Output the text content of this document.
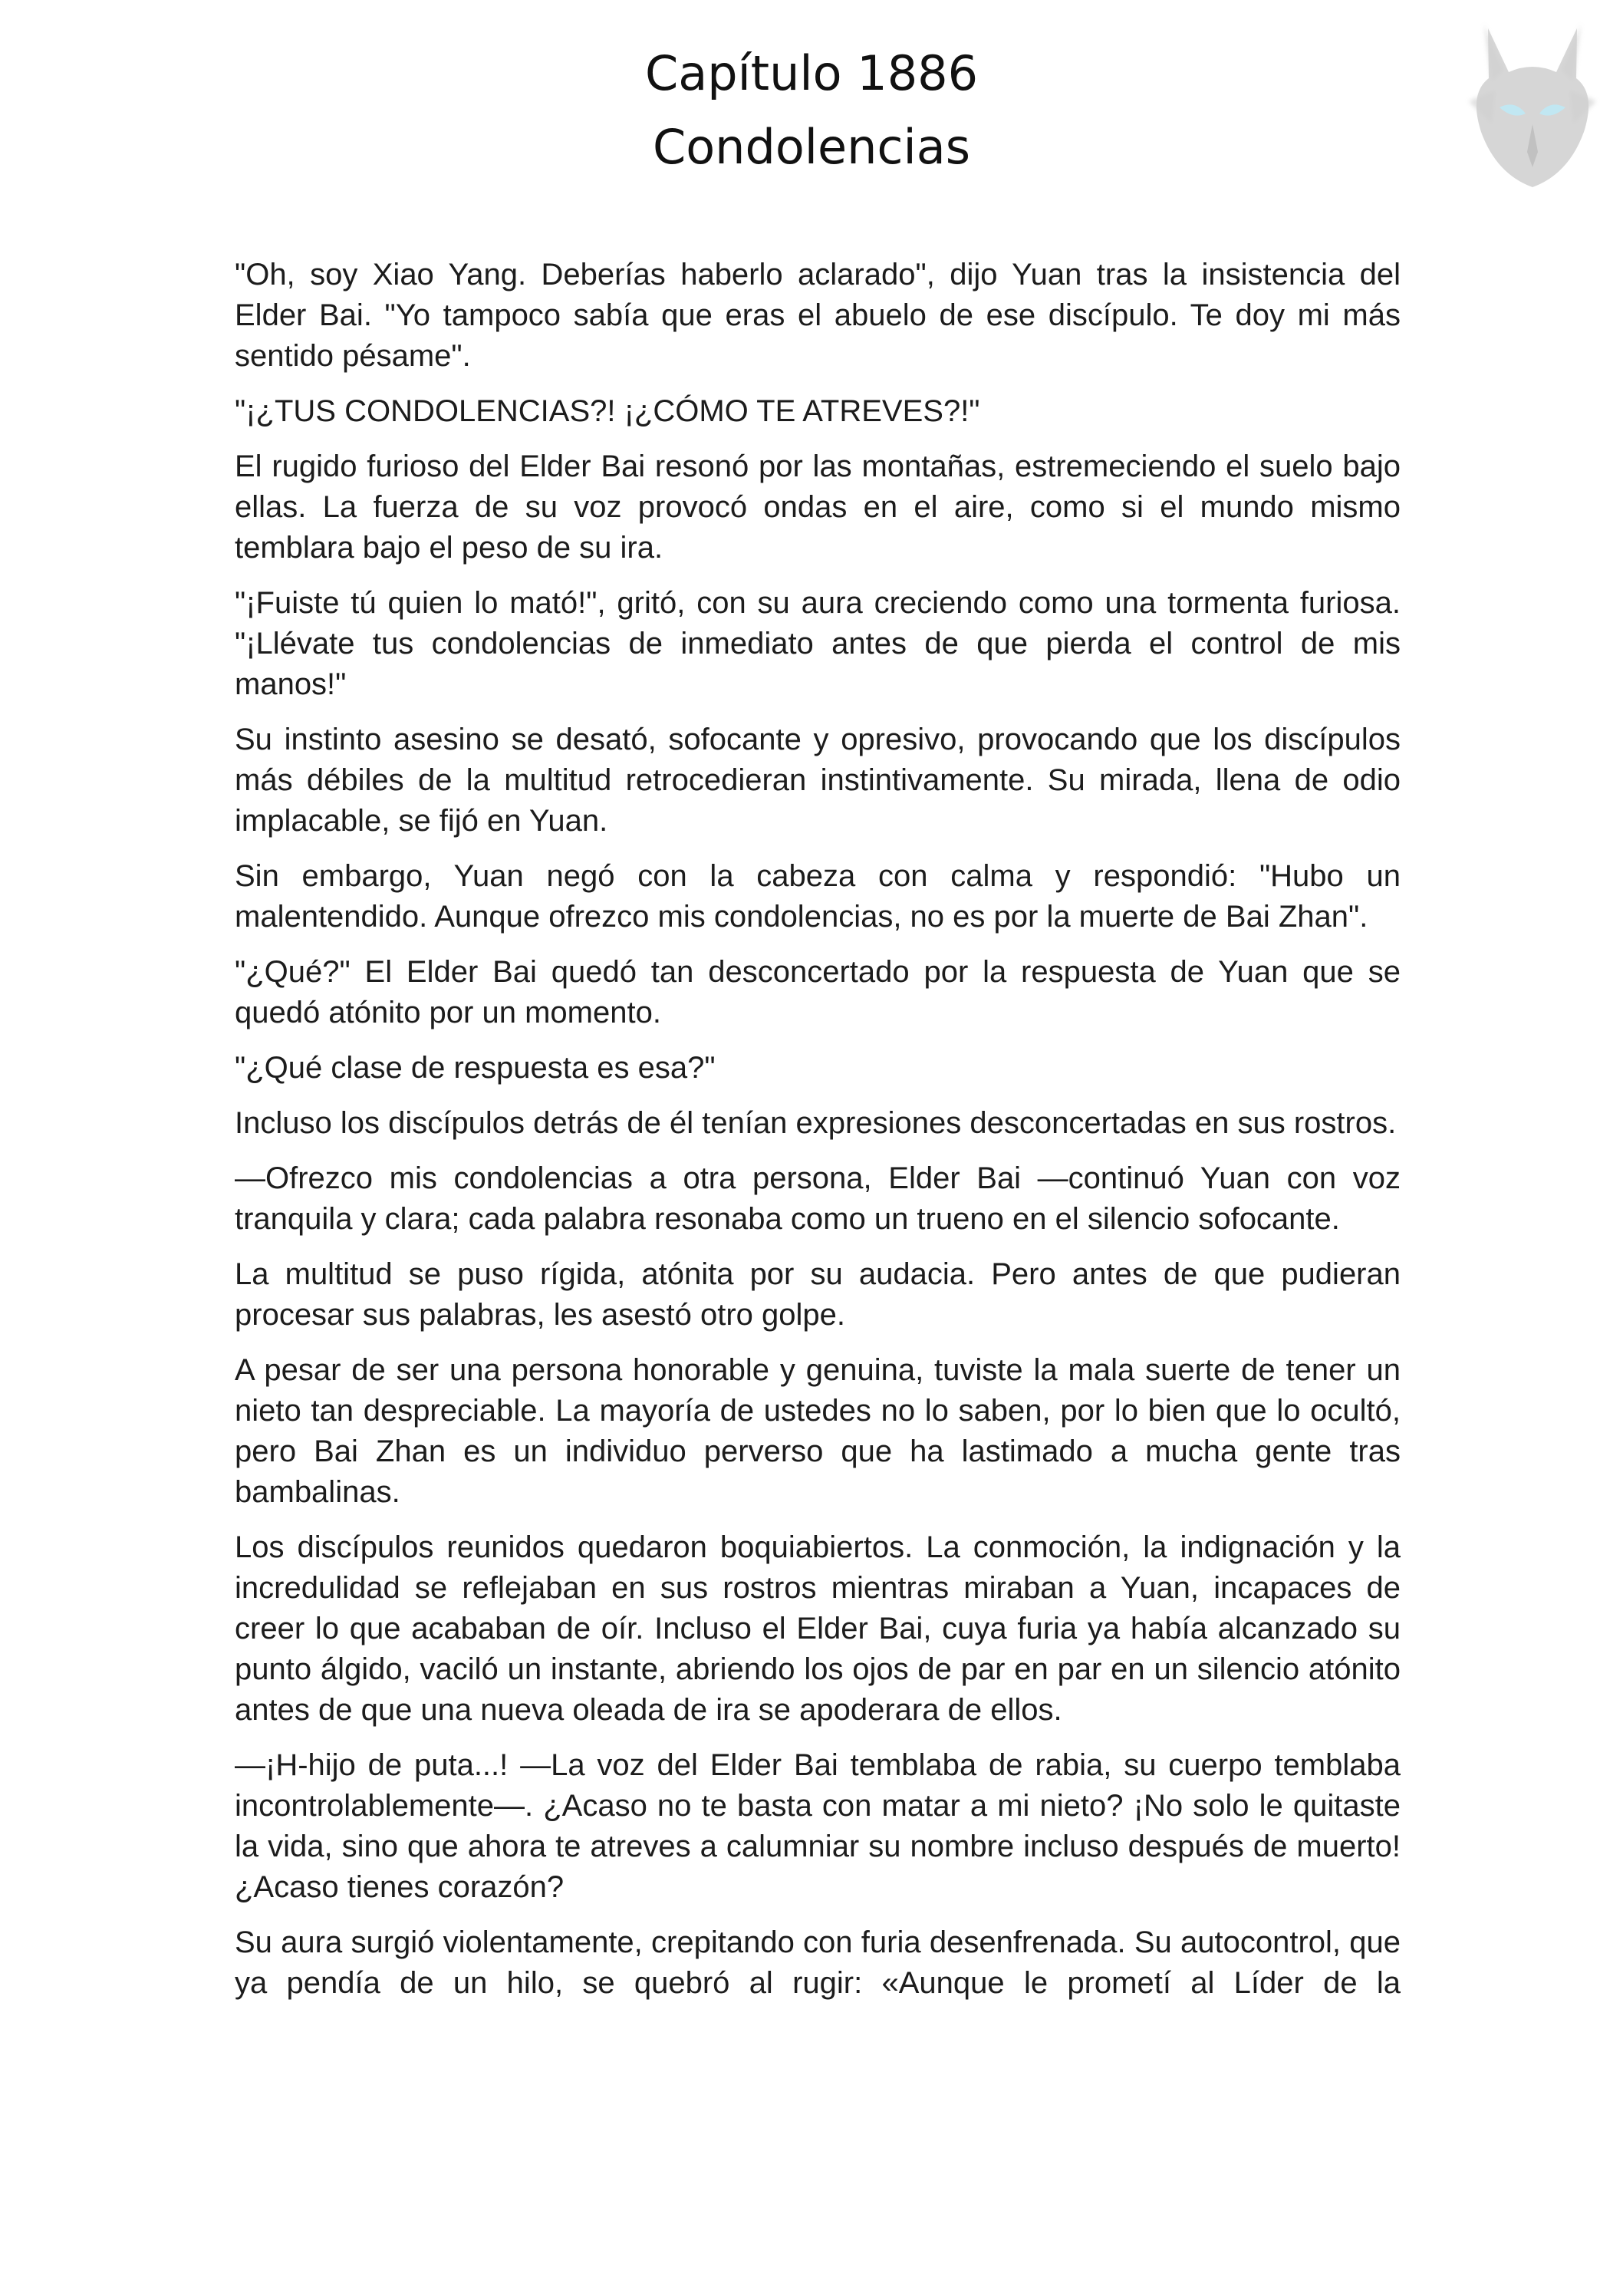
Capítulo 1886
Condolencias

"Oh, soy Xiao Yang. Deberías haberlo aclarado", dijo Yuan tras la insistencia del Elder Bai. "Yo tampoco sabía que eras el abuelo de ese discípulo. Te doy mi más sentido pésame".

"¡¿TUS CONDOLENCIAS?! ¡¿CÓMO TE ATREVES?!"

El rugido furioso del Elder Bai resonó por las montañas, estremeciendo el suelo bajo ellas. La fuerza de su voz provocó ondas en el aire, como si el mundo mismo temblara bajo el peso de su ira.

"¡Fuiste tú quien lo mató!", gritó, con su aura creciendo como una tormenta furiosa. "¡Llévate tus condolencias de inmediato antes de que pierda el control de mis manos!"

Su instinto asesino se desató, sofocante y opresivo, provocando que los discípulos más débiles de la multitud retrocedieran instintivamente. Su mirada, llena de odio implacable, se fijó en Yuan.

Sin embargo, Yuan negó con la cabeza con calma y respondió: "Hubo un malentendido. Aunque ofrezco mis condolencias, no es por la muerte de Bai Zhan".

"¿Qué?" El Elder Bai quedó tan desconcertado por la respuesta de Yuan que se quedó atónito por un momento.

"¿Qué clase de respuesta es esa?"

Incluso los discípulos detrás de él tenían expresiones desconcertadas en sus rostros.

—Ofrezco mis condolencias a otra persona, Elder Bai —continuó Yuan con voz tranquila y clara; cada palabra resonaba como un trueno en el silencio sofocante.

La multitud se puso rígida, atónita por su audacia. Pero antes de que pudieran procesar sus palabras, les asestó otro golpe.

A pesar de ser una persona honorable y genuina, tuviste la mala suerte de tener un nieto tan despreciable. La mayoría de ustedes no lo saben, por lo bien que lo ocultó, pero Bai Zhan es un individuo perverso que ha lastimado a mucha gente tras bambalinas.

Los discípulos reunidos quedaron boquiabiertos. La conmoción, la indignación y la incredulidad se reflejaban en sus rostros mientras miraban a Yuan, incapaces de creer lo que acababan de oír. Incluso el Elder Bai, cuya furia ya había alcanzado su punto álgido, vaciló un instante, abriendo los ojos de par en par en un silencio atónito antes de que una nueva oleada de ira se apoderara de ellos.

—¡H-hijo de puta...! —La voz del Elder Bai temblaba de rabia, su cuerpo temblaba incontrolablemente—. ¿Acaso no te basta con matar a mi nieto? ¡No solo le quitaste la vida, sino que ahora te atreves a calumniar su nombre incluso después de muerto! ¿Acaso tienes corazón?

Su aura surgió violentamente, crepitando con furia desenfrenada. Su autocontrol, que ya pendía de un hilo, se quebró al rugir: «Aunque le prometí al Líder de la
